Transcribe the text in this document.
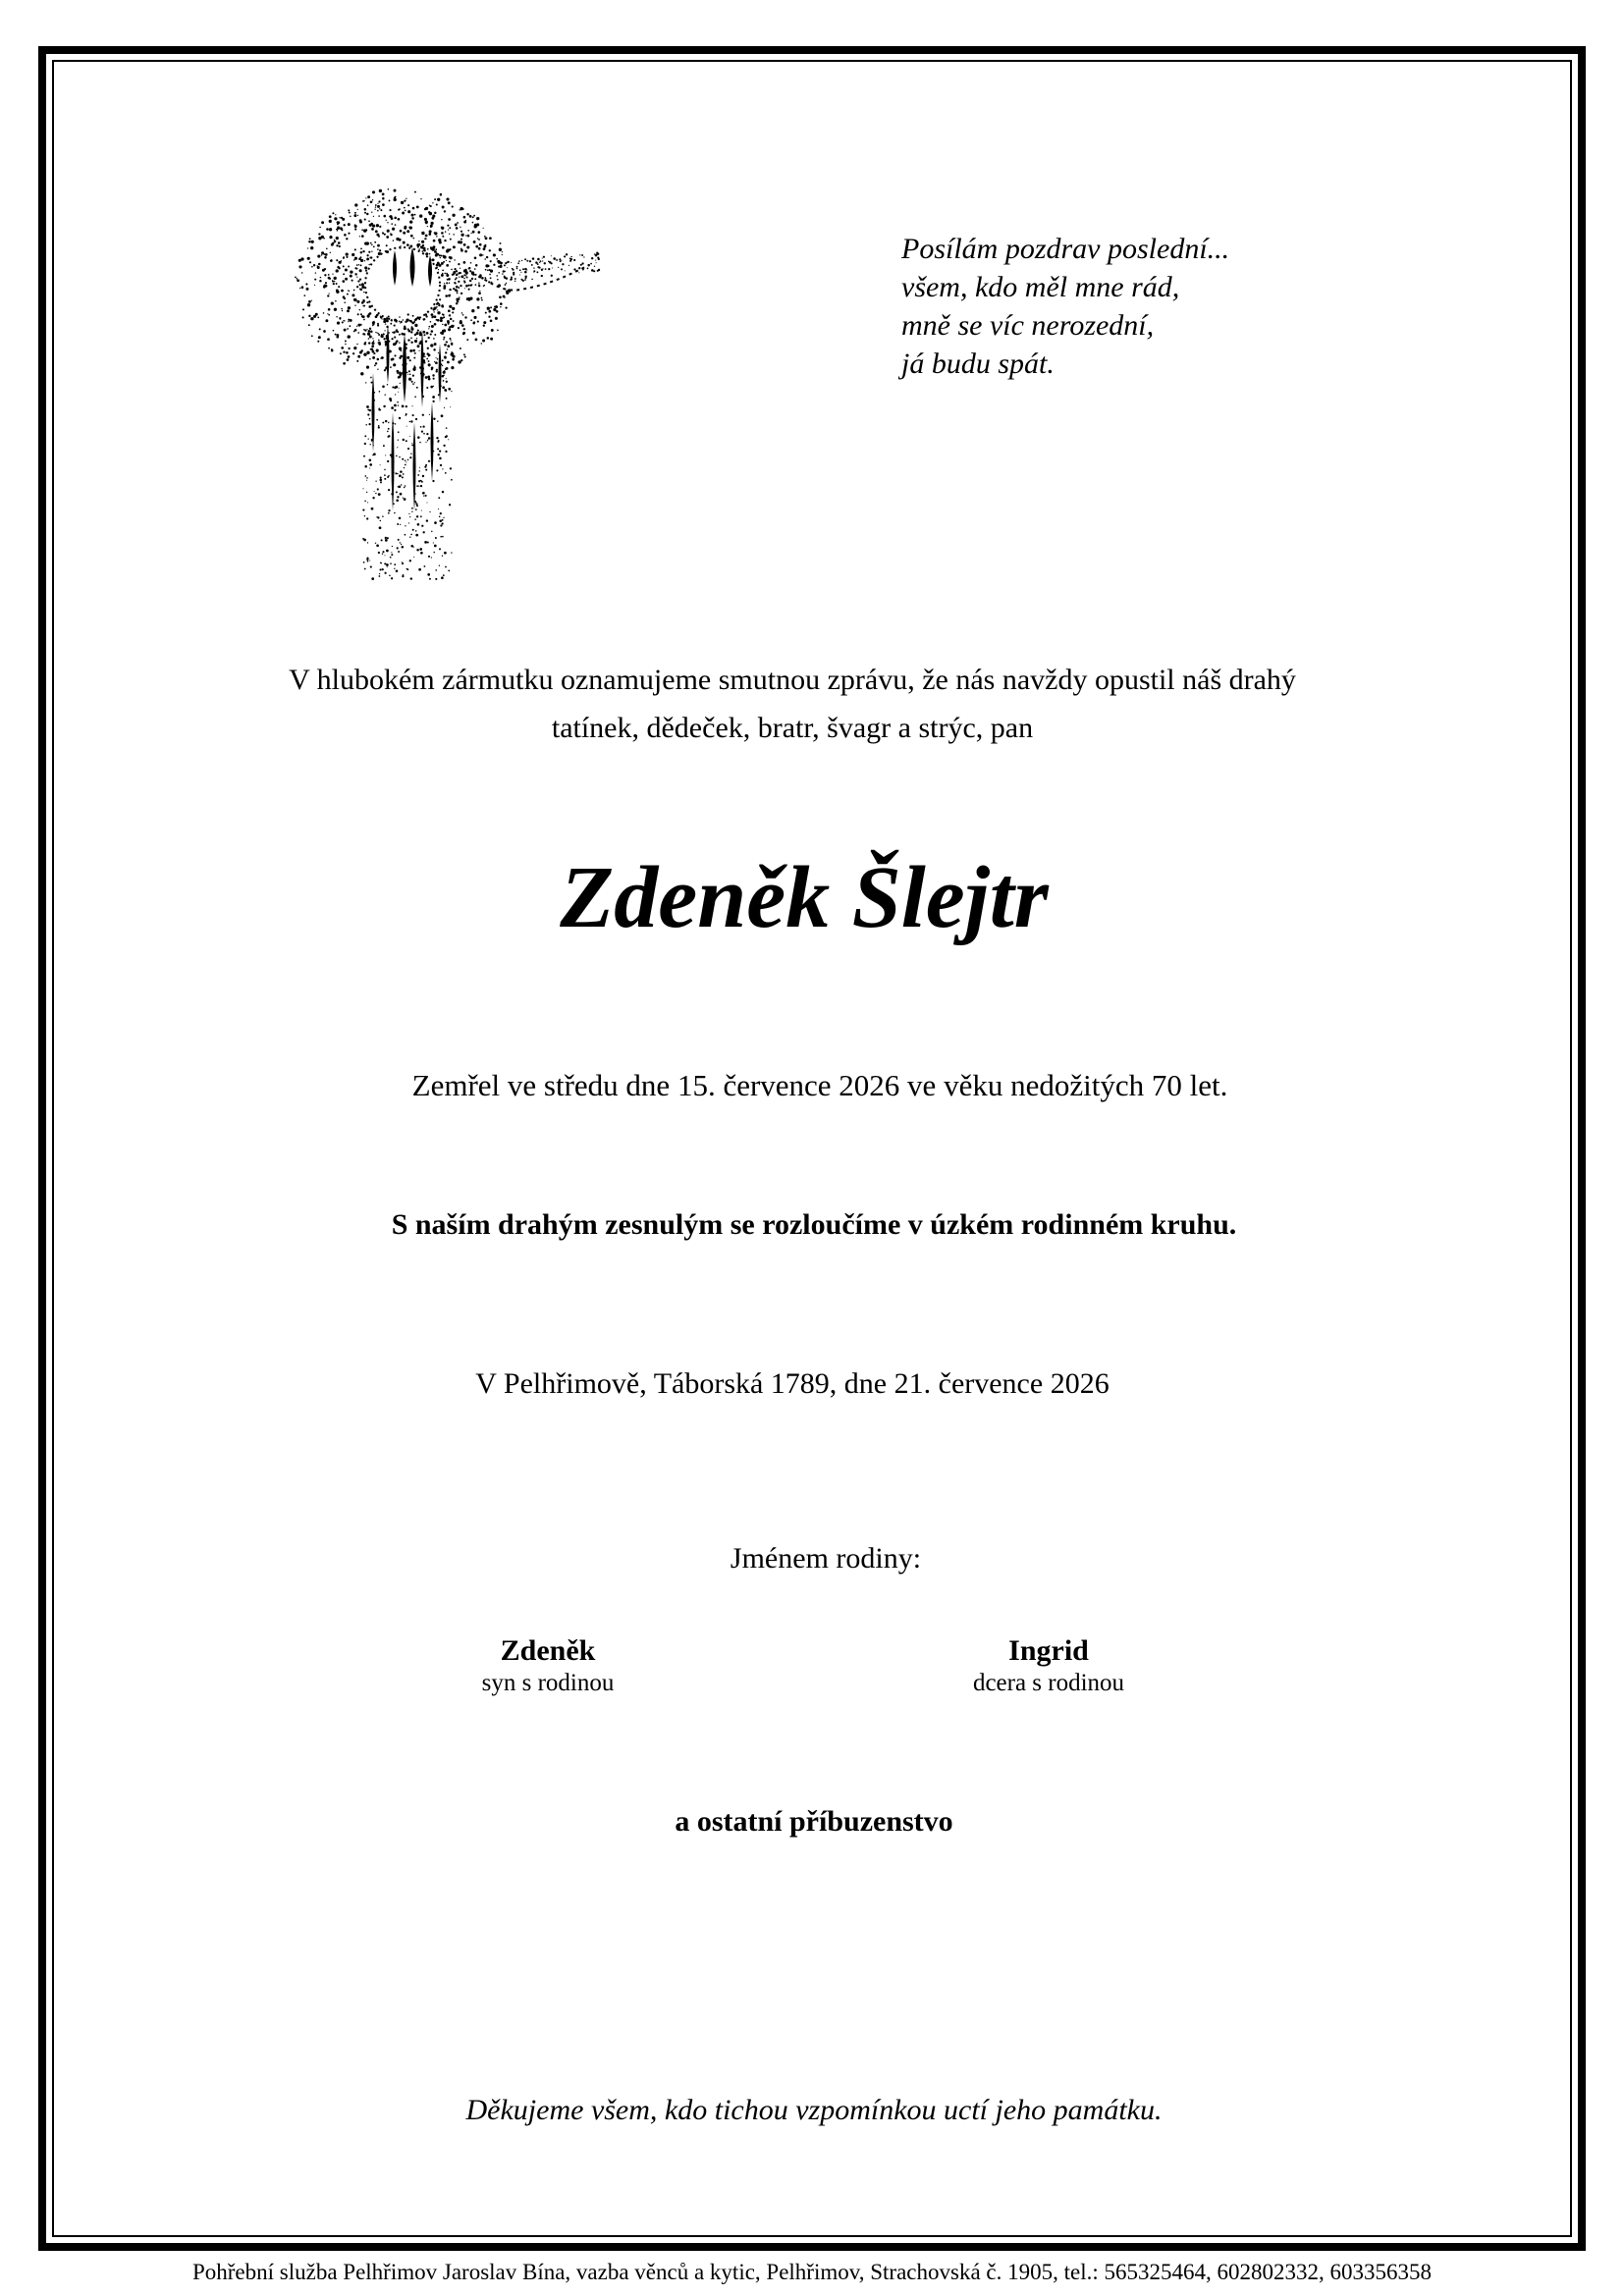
Posílám pozdrav poslední...
všem, kdo měl mne rád,
mně se víc nerozední,
já budu spát.
V hlubokém zármutku oznamujeme smutnou zprávu, že nás navždy opustil náš drahý
tatínek, dědeček, bratr, švagr a strýc, pan
Zdeněk Šlejtr
Zemřel ve středu dne 15. července 2026 ve věku nedožitých 70 let.
S naším drahým zesnulým se rozloučíme v úzkém rodinném kruhu.
V Pelhřimově, Táborská 1789, dne 21. července 2026
Jménem rodiny:
Zdeněk
syn s rodinou
Ingrid
dcera s rodinou
a ostatní příbuzenstvo
Děkujeme všem, kdo tichou vzpomínkou uctí jeho památku.
Pohřební služba Pelhřimov Jaroslav Bína, vazba věnců a kytic, Pelhřimov, Strachovská č. 1905, tel.: 565325464, 602802332, 603356358
